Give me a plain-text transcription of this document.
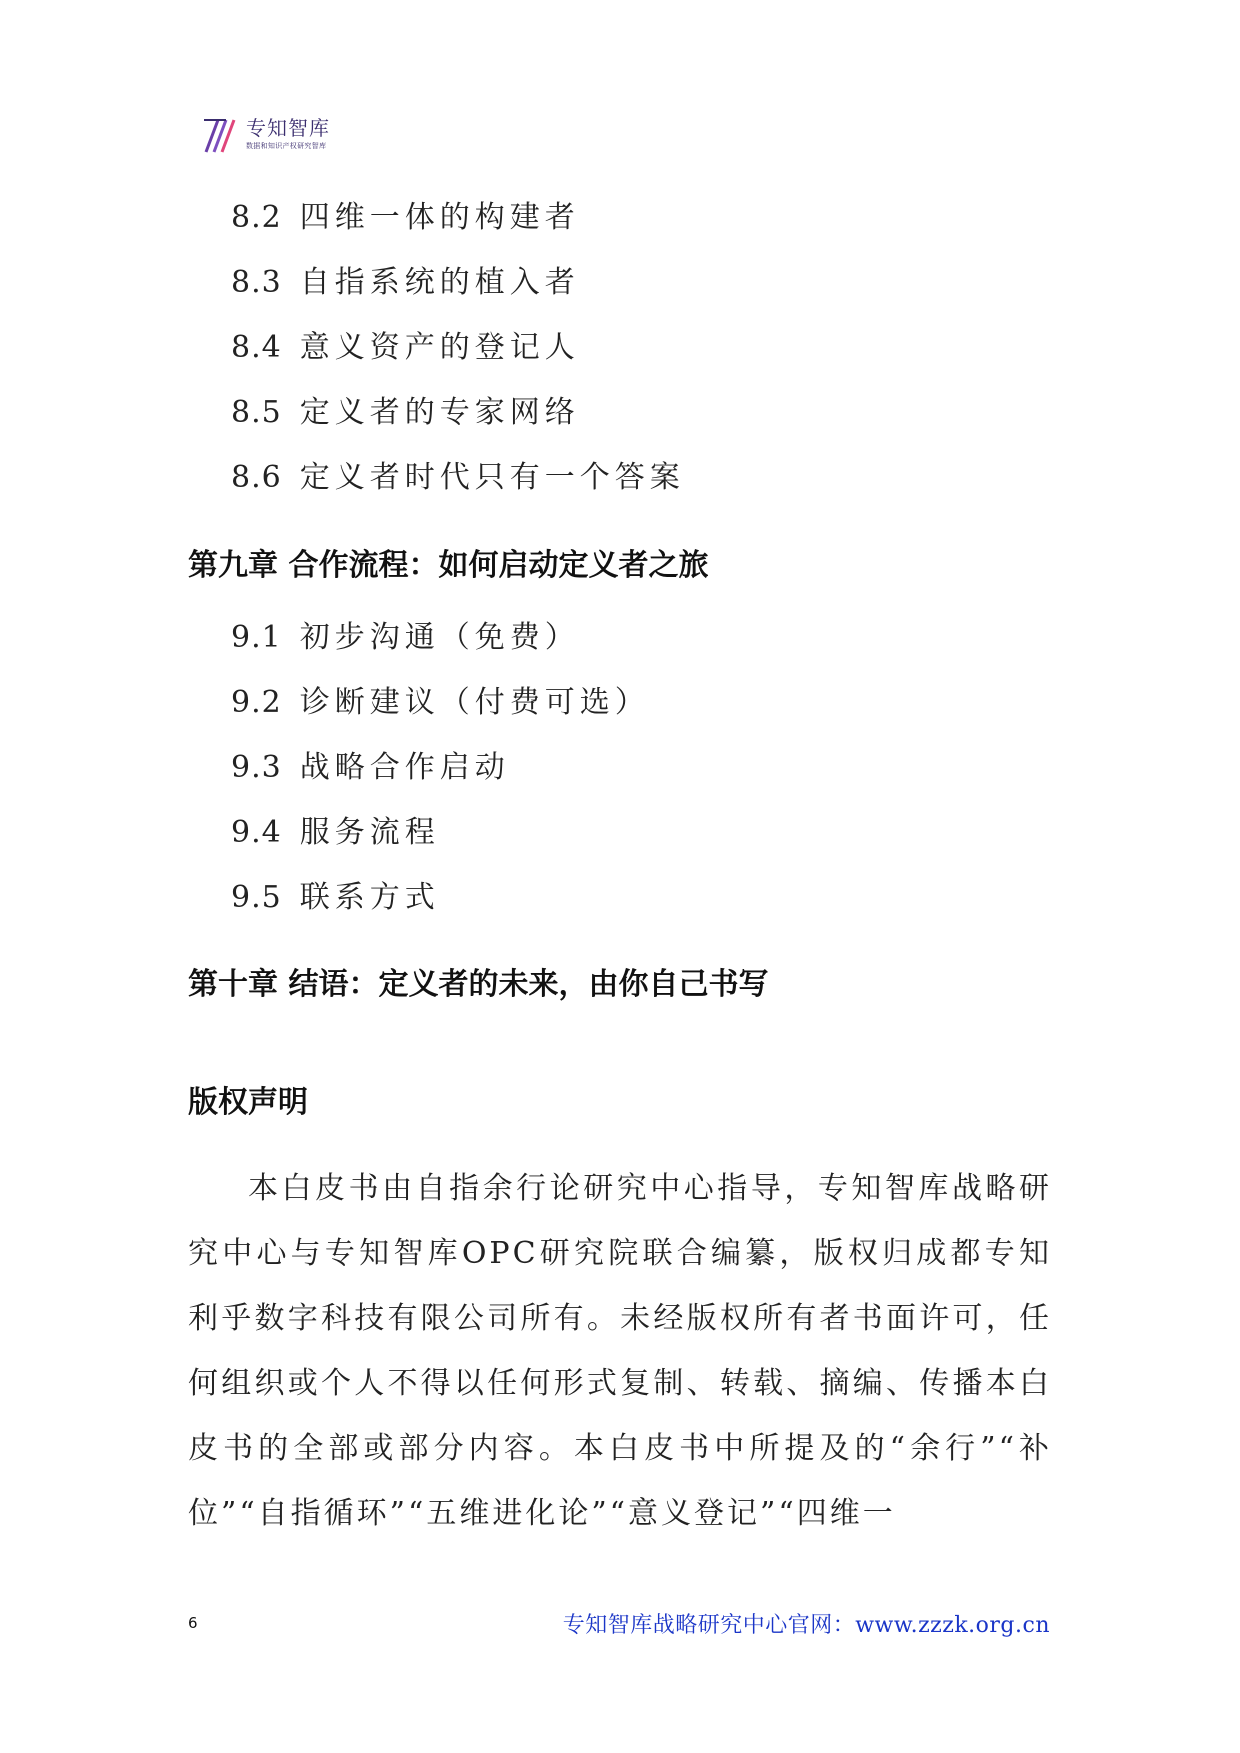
专知智库
数据和知识产权研究智库
8.2 四维一体的构建者
8.3 自指系统的植入者
8.4 意义资产的登记人
8.5 定义者的专家网络
8.6 定义者时代只有一个答案
第九章 合作流程：如何启动定义者之旅
9.1 初步沟通（免费）
9.2 诊断建议（付费可选）
9.3 战略合作启动
9.4 服务流程
9.5 联系方式
第十章 结语：定义者的未来，由你自己书写
版权声明

本白皮书由自指余行论研究中心指导，专知智库战略研究中心与专知智库OPC研究院联合编纂，版权归成都专知利乎数字科技有限公司所有。未经版权所有者书面许可，任何组织或个人不得以任何形式复制、转载、摘编、传播本白皮书的全部或部分内容。本白皮书中所提及的“余行”“补位”“自指循环”“五维进化论”“意义登记”“四维一

6	专知智库战略研究中心官网：www.zzzk.org.cn
